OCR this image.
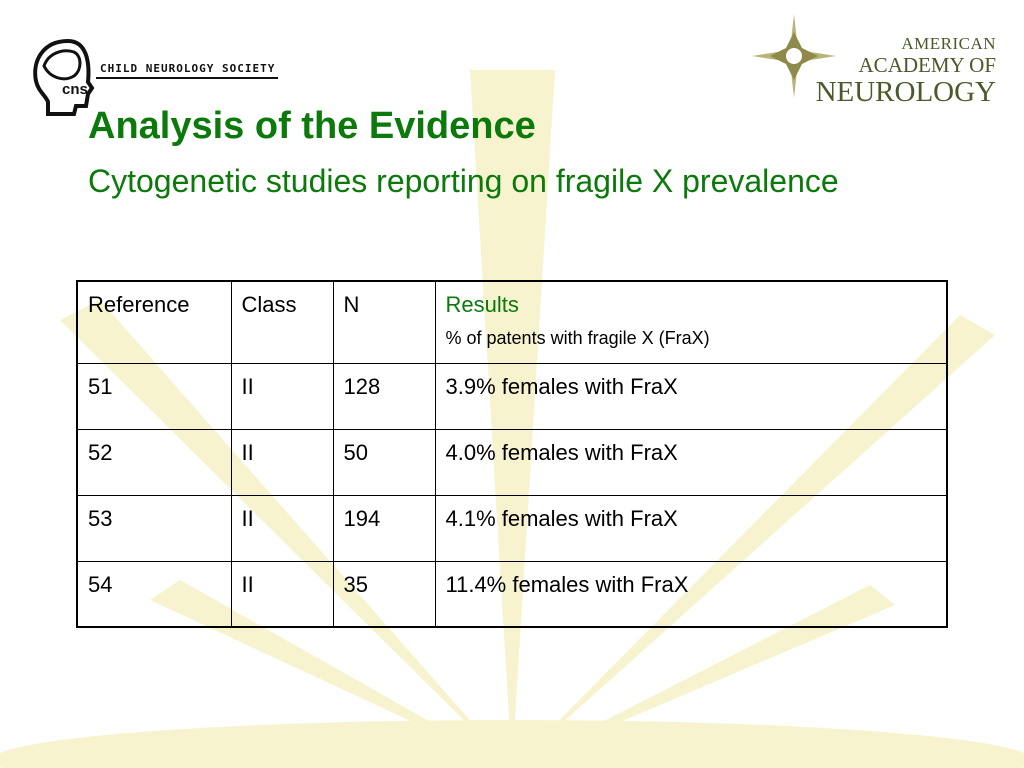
cns
CHILD NEUROLOGY SOCIETY
AMERICAN
ACADEMY OF
NEUROLOGY
Analysis of the Evidence
Cytogenetic studies reporting on fragile X prevalence
Reference	Class	N	Results
% of patents with fragile X (FraX)

51	II	128	3.9% females with FraX
52	II	50	4.0% females with FraX
53	II	194	4.1% females with FraX
54	II	35	11.4% females with FraX
